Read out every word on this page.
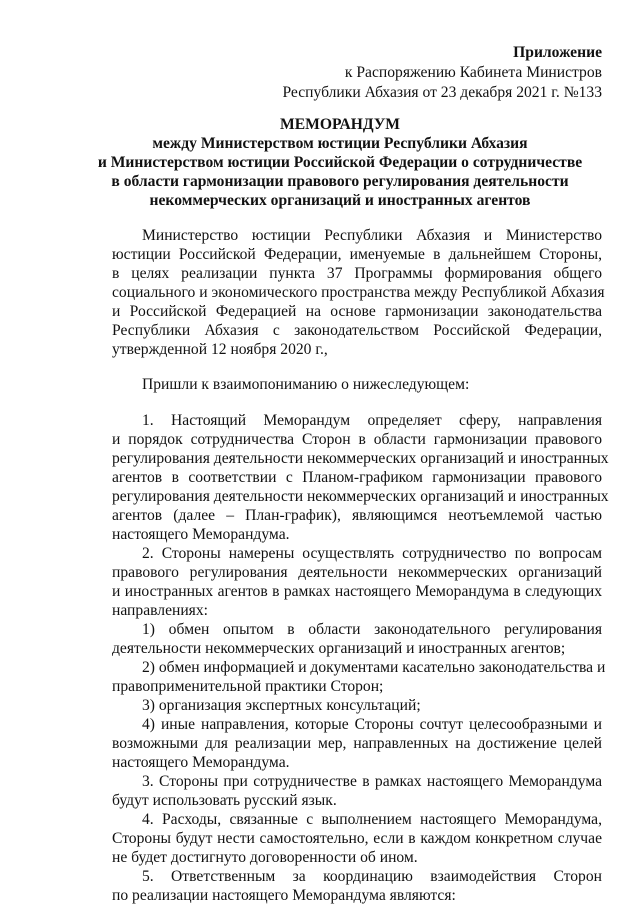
Приложение
к Распоряжению Кабинета Министров
Республики Абхазия от 23 декабря 2021 г. №133
МЕМОРАНДУМ
между Министерством юстиции Республики Абхазия
и Министерством юстиции Российской Федерации о сотрудничестве
в области гармонизации правового регулирования деятельности
некоммерческих организаций и иностранных агентов
Министерство юстиции Республики Абхазия и Министерство
юстиции Российской Федерации, именуемые в дальнейшем Стороны,
в целях реализации пункта 37 Программы формирования общего
социального и экономического пространства между Республикой Абхазия
и Российской Федерацией на основе гармонизации законодательства
Республики Абхазия с законодательством Российской Федерации,
утвержденной 12 ноября 2020 г.,
Пришли к взаимопониманию о нижеследующем:
1. Настоящий Меморандум определяет сферу, направления
и порядок сотрудничества Сторон в области гармонизации правового
регулирования деятельности некоммерческих организаций и иностранных
агентов в соответствии с Планом-графиком гармонизации правового
регулирования деятельности некоммерческих организаций и иностранных
агентов (далее – План-график), являющимся неотъемлемой частью
настоящего Меморандума.
2. Стороны намерены осуществлять сотрудничество по вопросам
правового регулирования деятельности некоммерческих организаций
и иностранных агентов в рамках настоящего Меморандума в следующих
направлениях:
1) обмен опытом в области законодательного регулирования
деятельности некоммерческих организаций и иностранных агентов;
2) обмен информацией и документами касательно законодательства и
правоприменительной практики Сторон;
3) организация экспертных консультаций;
4) иные направления, которые Стороны сочтут целесообразными и
возможными для реализации мер, направленных на достижение целей
настоящего Меморандума.
3. Стороны при сотрудничестве в рамках настоящего Меморандума
будут использовать русский язык.
4. Расходы, связанные с выполнением настоящего Меморандума,
Стороны будут нести самостоятельно, если в каждом конкретном случае
не будет достигнуто договоренности об ином.
5. Ответственным за координацию взаимодействия Сторон
по реализации настоящего Меморандума являются:
